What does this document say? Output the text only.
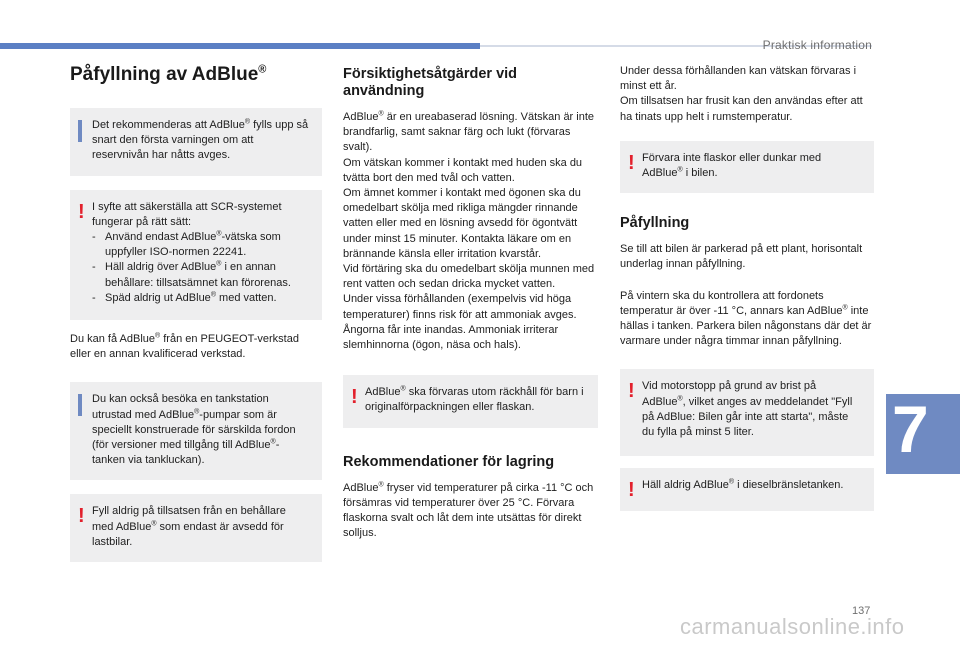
Praktisk information
Påfyllning av AdBlue®

Det rekommenderas att AdBlue® fylls upp så snart den första varningen om att reservnivån har nåtts avges.

! I syfte att säkerställa att SCR-systemet fungerar på rätt sätt:

- Använd endast AdBlue®-vätska som uppfyller ISO-normen 22241.
- Häll aldrig över AdBlue® i en annan behållare: tillsatsämnet kan förorenas.
- Späd aldrig ut AdBlue® med vatten.

Du kan få AdBlue® från en PEUGEOT-verkstad eller en annan kvalificerad verkstad.

Du kan också besöka en tankstation utrustad med AdBlue®-pumpar som är speciellt konstruerade för särskilda fordon (för versioner med tillgång till AdBlue®-tanken via tankluckan).

! Fyll aldrig på tillsatsen från en behållare med AdBlue® som endast är avsedd för lastbilar.

Försiktighetsåtgärder vid användning

AdBlue® är en ureabaserad lösning. Vätskan är inte brandfarlig, samt saknar färg och lukt (förvaras svalt).
Om vätskan kommer i kontakt med huden ska du tvätta bort den med tvål och vatten.
Om ämnet kommer i kontakt med ögonen ska du omedelbart skölja med rikliga mängder rinnande vatten eller med en lösning avsedd för ögontvätt under minst 15 minuter. Kontakta läkare om en brännande känsla eller irritation kvarstår.
Vid förtäring ska du omedelbart skölja munnen med rent vatten och sedan dricka mycket vatten.
Under vissa förhållanden (exempelvis vid höga temperaturer) finns risk för att ammoniak avges. Ångorna får inte inandas. Ammoniak irriterar slemhinnorna (ögon, näsa och hals).

! AdBlue® ska förvaras utom räckhåll för barn i originalförpackningen eller flaskan.

Rekommendationer för lagring

AdBlue® fryser vid temperaturer på cirka -11 °C och försämras vid temperaturer över 25 °C. Förvara flaskorna svalt och låt dem inte utsättas för direkt solljus.

Under dessa förhållanden kan vätskan förvaras i minst ett år.
Om tillsatsen har frusit kan den användas efter att ha tinats upp helt i rumstemperatur.

! Förvara inte flaskor eller dunkar med AdBlue® i bilen.

Påfyllning

Se till att bilen är parkerad på ett plant, horisontalt underlag innan påfyllning.

På vintern ska du kontrollera att fordonets temperatur är över -11 °C, annars kan AdBlue® inte hällas i tanken. Parkera bilen någonstans där det är varmare under några timmar innan påfyllning.

! Vid motorstopp på grund av brist på AdBlue®, vilket anges av meddelandet "Fyll på AdBlue: Bilen går inte att starta", måste du fylla på minst 5 liter.

! Häll aldrig AdBlue® i dieselbränsletanken.

7
137
carmanualsonline.info
